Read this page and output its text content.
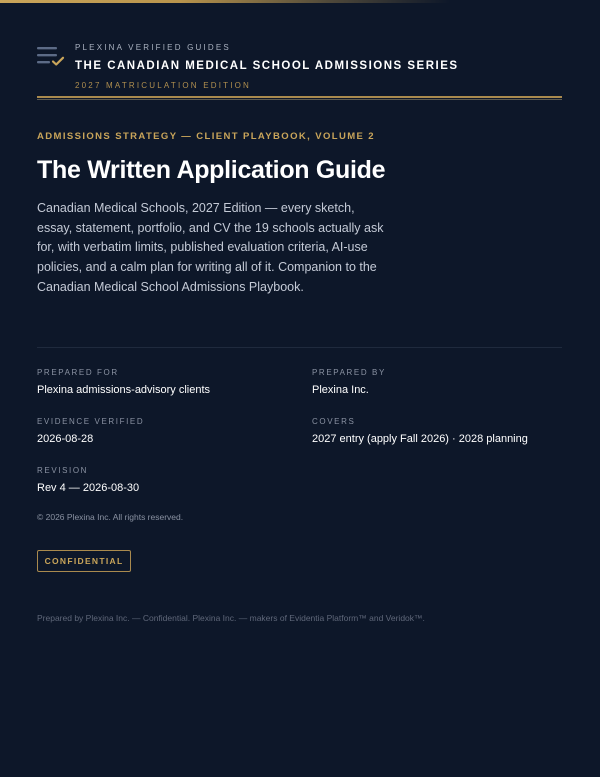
PLEXINA VERIFIED GUIDES
THE CANADIAN MEDICAL SCHOOL ADMISSIONS SERIES
2027 MATRICULATION EDITION
ADMISSIONS STRATEGY — CLIENT PLAYBOOK, VOLUME 2
The Written Application Guide

Canadian Medical Schools, 2027 Edition — every sketch, essay, statement, portfolio, and CV the 19 schools actually ask for, with verbatim limits, published evaluation criteria, AI-use policies, and a calm plan for writing all of it. Companion to the Canadian Medical School Admissions Playbook.

PREPARED FOR
Plexina admissions-advisory clients
PREPARED BY
Plexina Inc.
EVIDENCE VERIFIED
2026-08-28
COVERS
2027 entry (apply Fall 2026) · 2028 planning
REVISION
Rev 4 — 2026-08-30
© 2026 Plexina Inc. All rights reserved.
CONFIDENTIAL
Prepared by Plexina Inc. — Confidential. Plexina Inc. — makers of Evidentia Platform™ and Veridok™.
